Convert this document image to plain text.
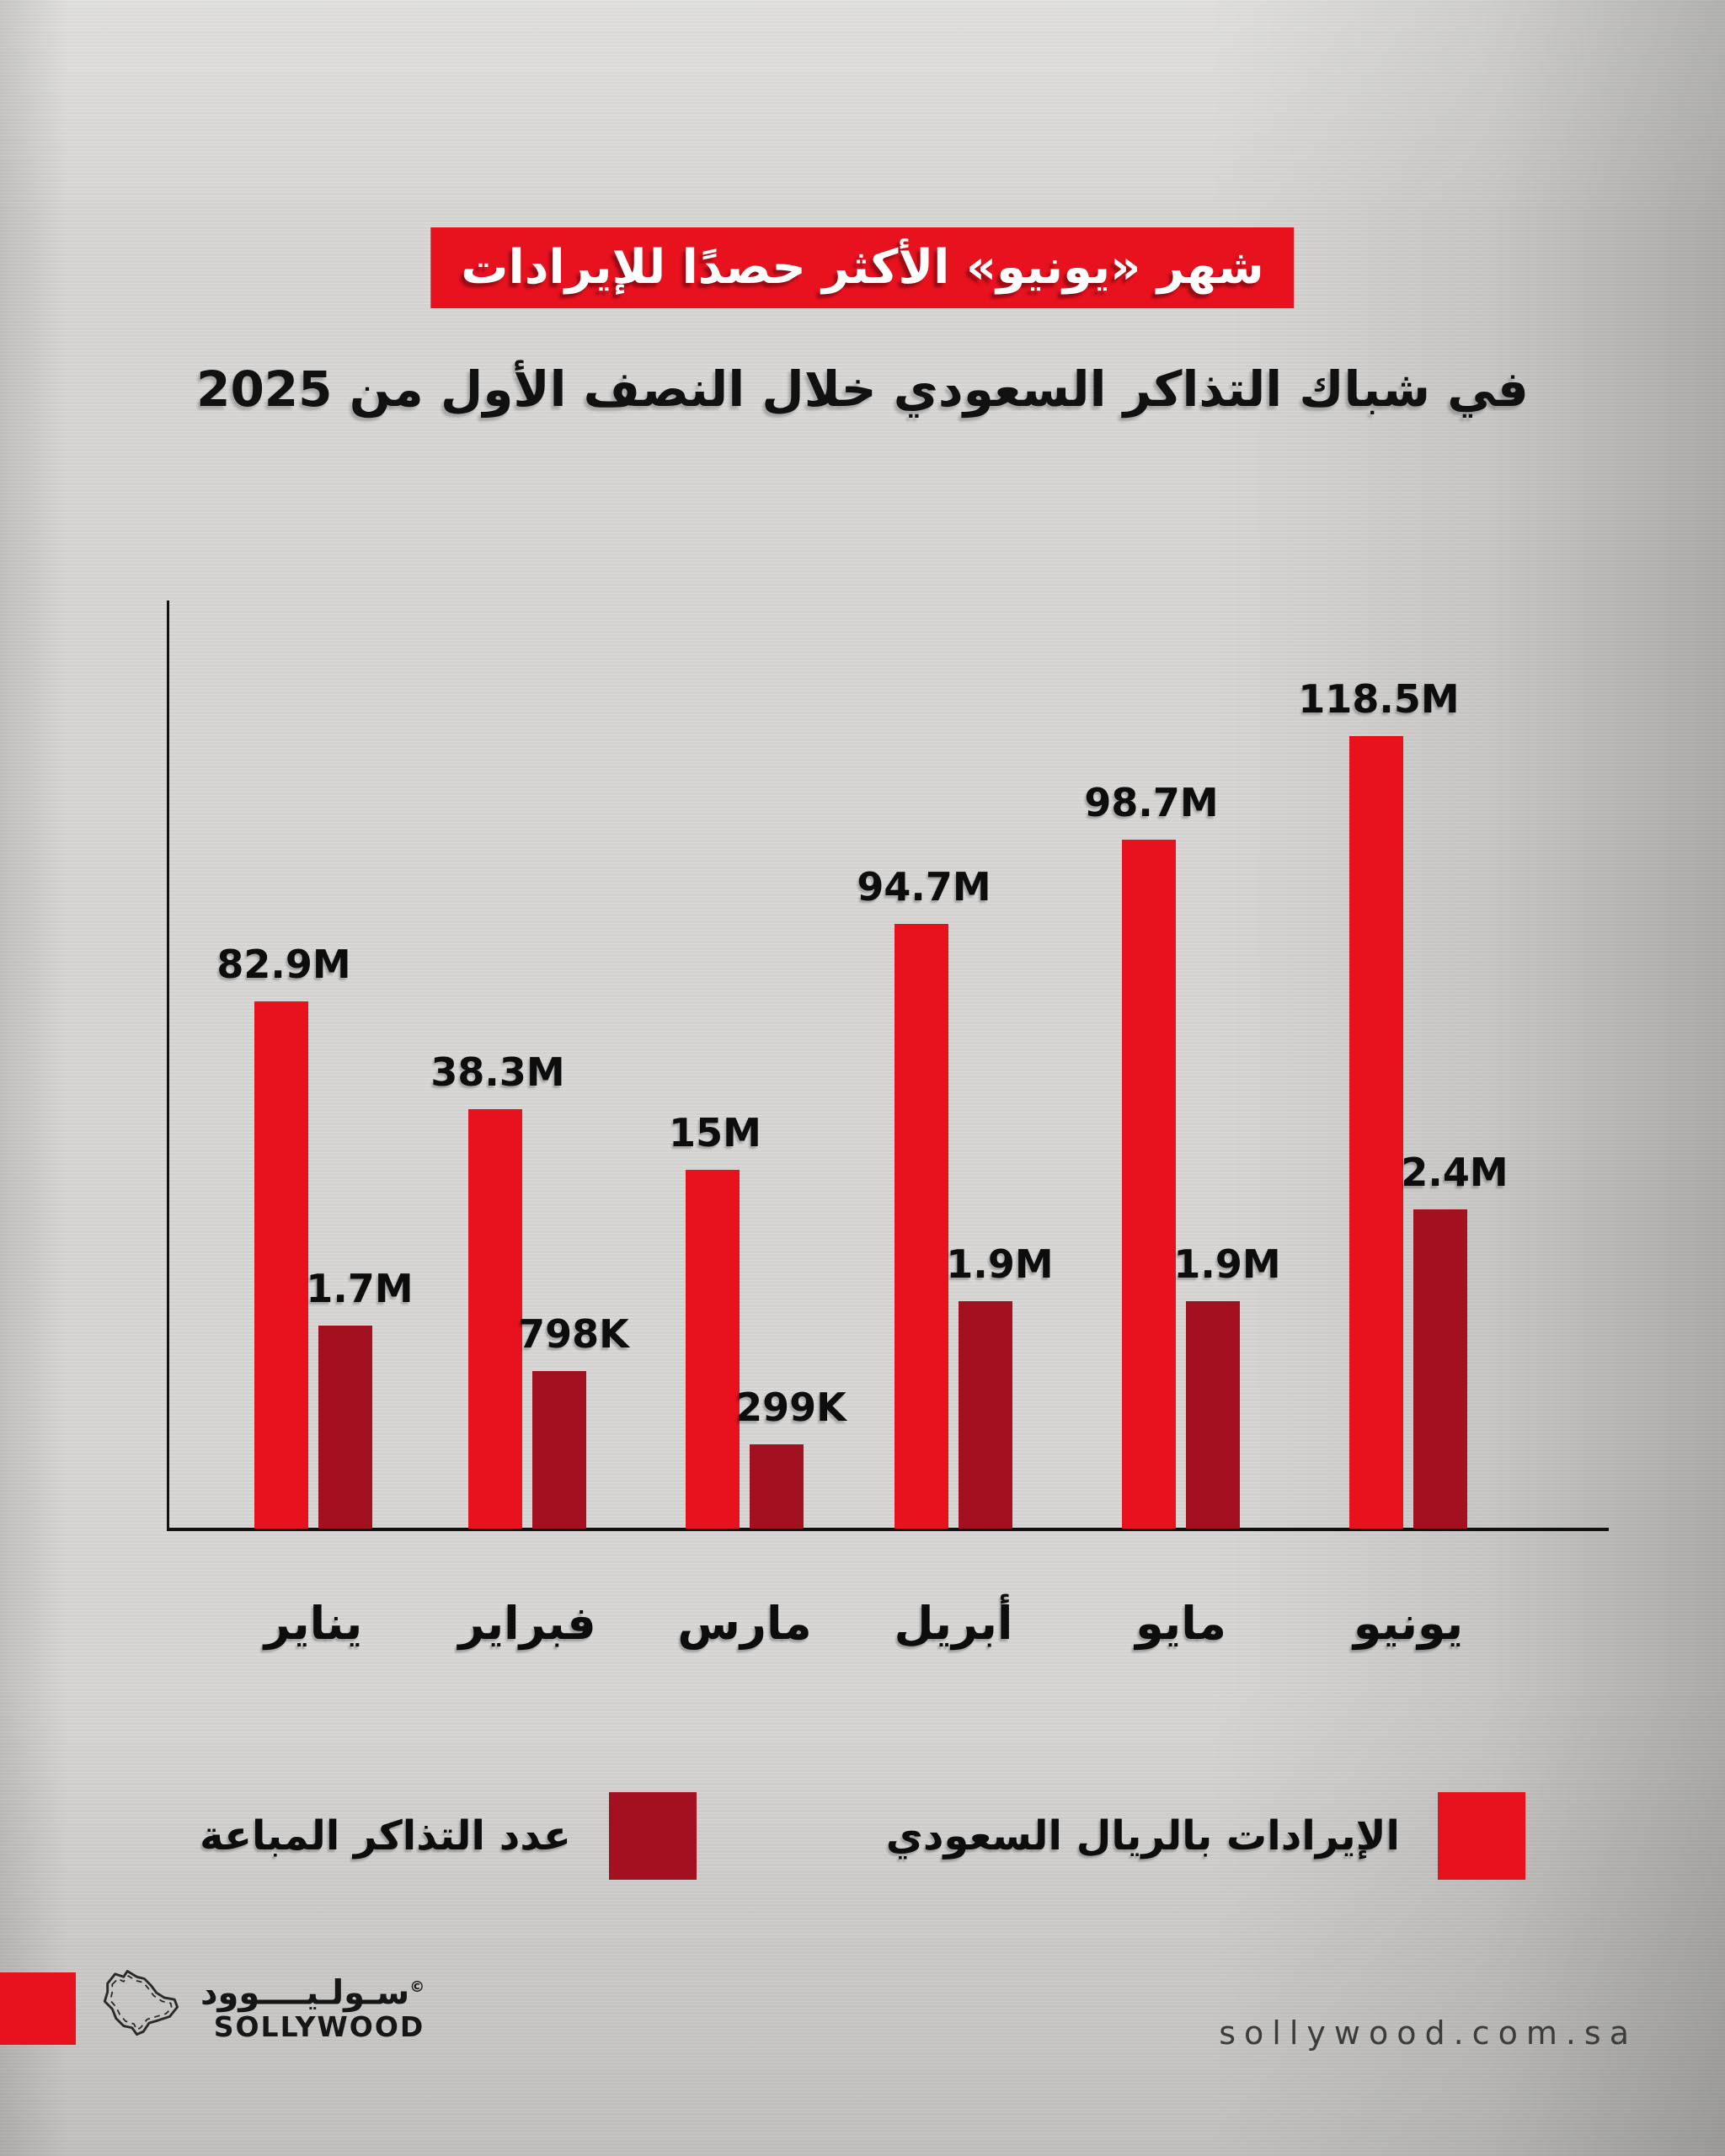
شهر «يونيو» الأكثر حصدًا للإيرادات
في شباك التذاكر السعودي خلال النصف الأول من 2025
82.9M
1.7M
38.3M
798K
15M
299K
94.7M
1.9M
98.7M
1.9M
118.5M
2.4M
يناير فبراير مارس أبريل	مايو	يونيو
عدد التذاكر المباعة	الإيرادات بالريال السعودي
©سـولـيــــوود
SOLLYWOOD	sollywood.com.sa
